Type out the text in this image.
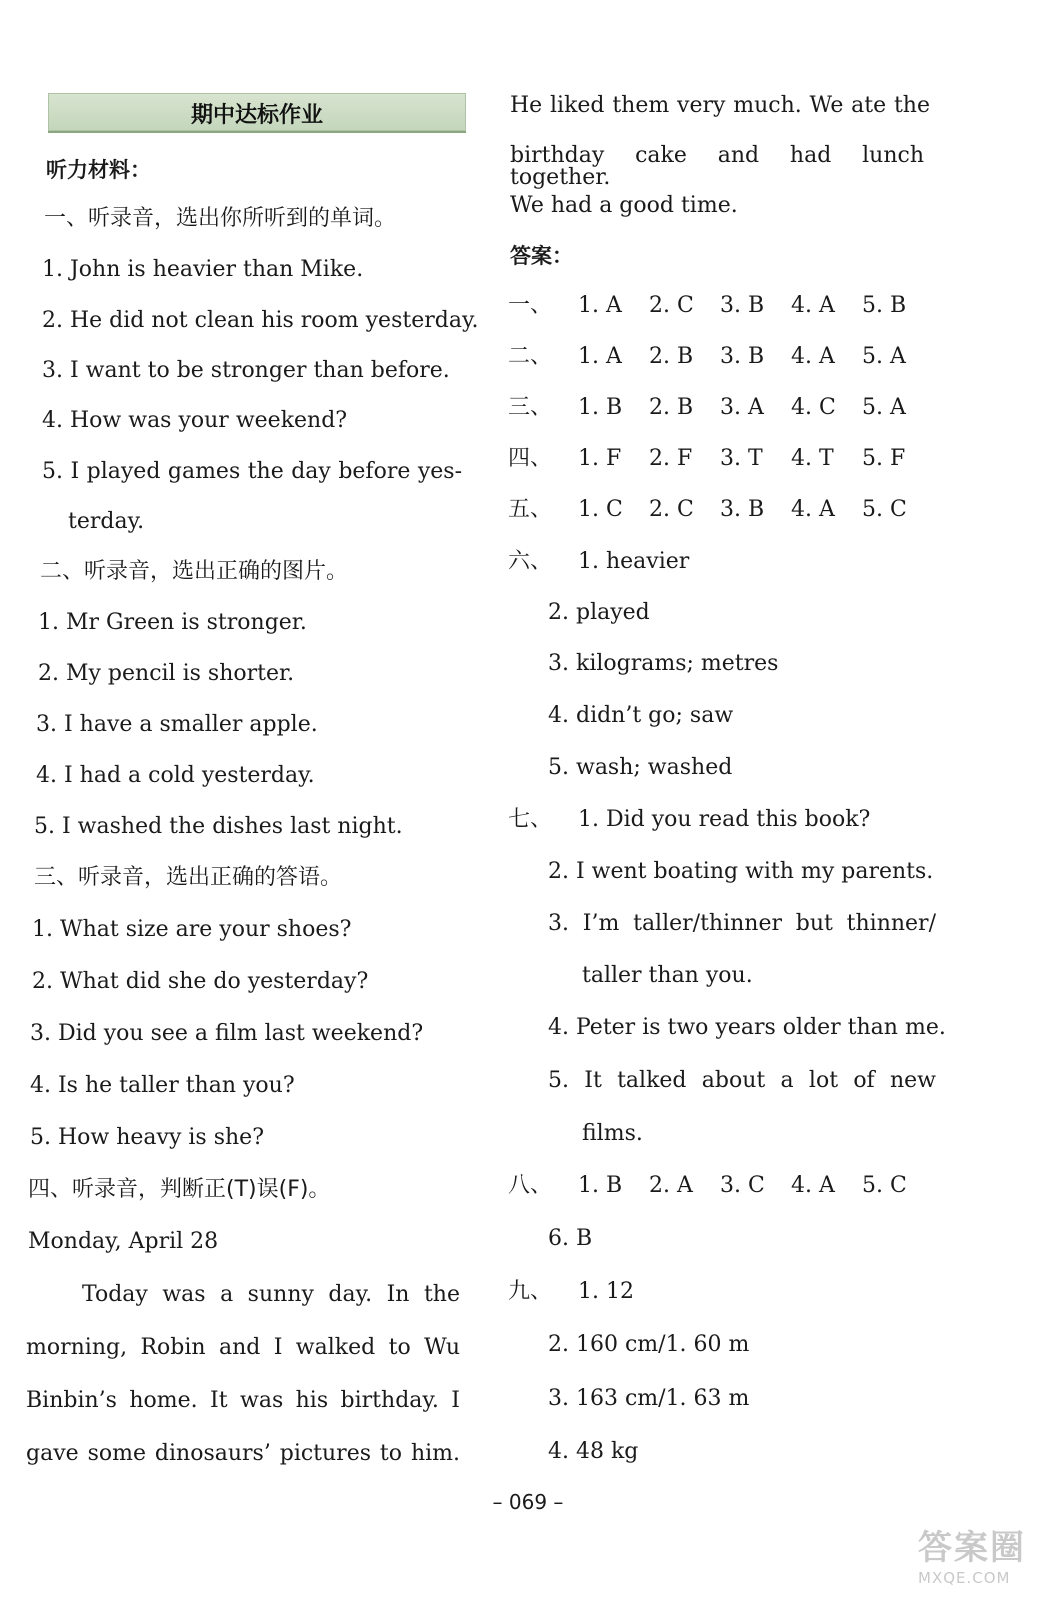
期中达标作业
听力材料：
一、听录音，选出你所听到的单词。
1. John is heavier than Mike.
2. He did not clean his room yesterday.
3. I want to be stronger than before.
4. How was your weekend?
5. I played games the day before yes-
terday.
二、听录音，选出正确的图片。
1. Mr Green is stronger.
2. My pencil is shorter.
3. I have a smaller apple.
4. I had a cold yesterday.
5. I washed the dishes last night.
三、听录音，选出正确的答语。
1. What size are your shoes?
2. What did she do yesterday?
3. Did you see a film last weekend?
4. Is he taller than you?
5. How heavy is she?
四、听录音，判断正(T)误(F)。
Monday, April 28
Today was a sunny day. In the
morning, Robin and I walked to Wu
Binbin’s home. It was his birthday. I
gave some dinosaurs’ pictures to him.
He liked them very much. We ate the
birthday cake and had lunch together.
We had a good time.
答案：
一、 1. A 2. C 3. B 4. A 5. B
二、 1. A 2. B 3. B 4. A 5. A
三、 1. B 2. B 3. A 4. C 5. A
四、 1. F 2. F 3. T 4. T 5. F
五、 1. C 2. C 3. B 4. A 5. C
六、 1. heavier
2. played
3. kilograms; metres
4. didn’t go; saw
5. wash; washed
七、 1. Did you read this book?
2. I went boating with my parents.
3. I’m taller/thinner but thinner/
taller than you.
4. Peter is two years older than me.
5. It talked about a lot of new
films.
八、 1. B 2. A 3. C 4. A 5. C
6. B
九、 1. 12
2. 160 cm/1. 60 m
3. 163 cm/1. 63 m
4. 48 kg
– 069 –
答案圈
MXQE.COM
